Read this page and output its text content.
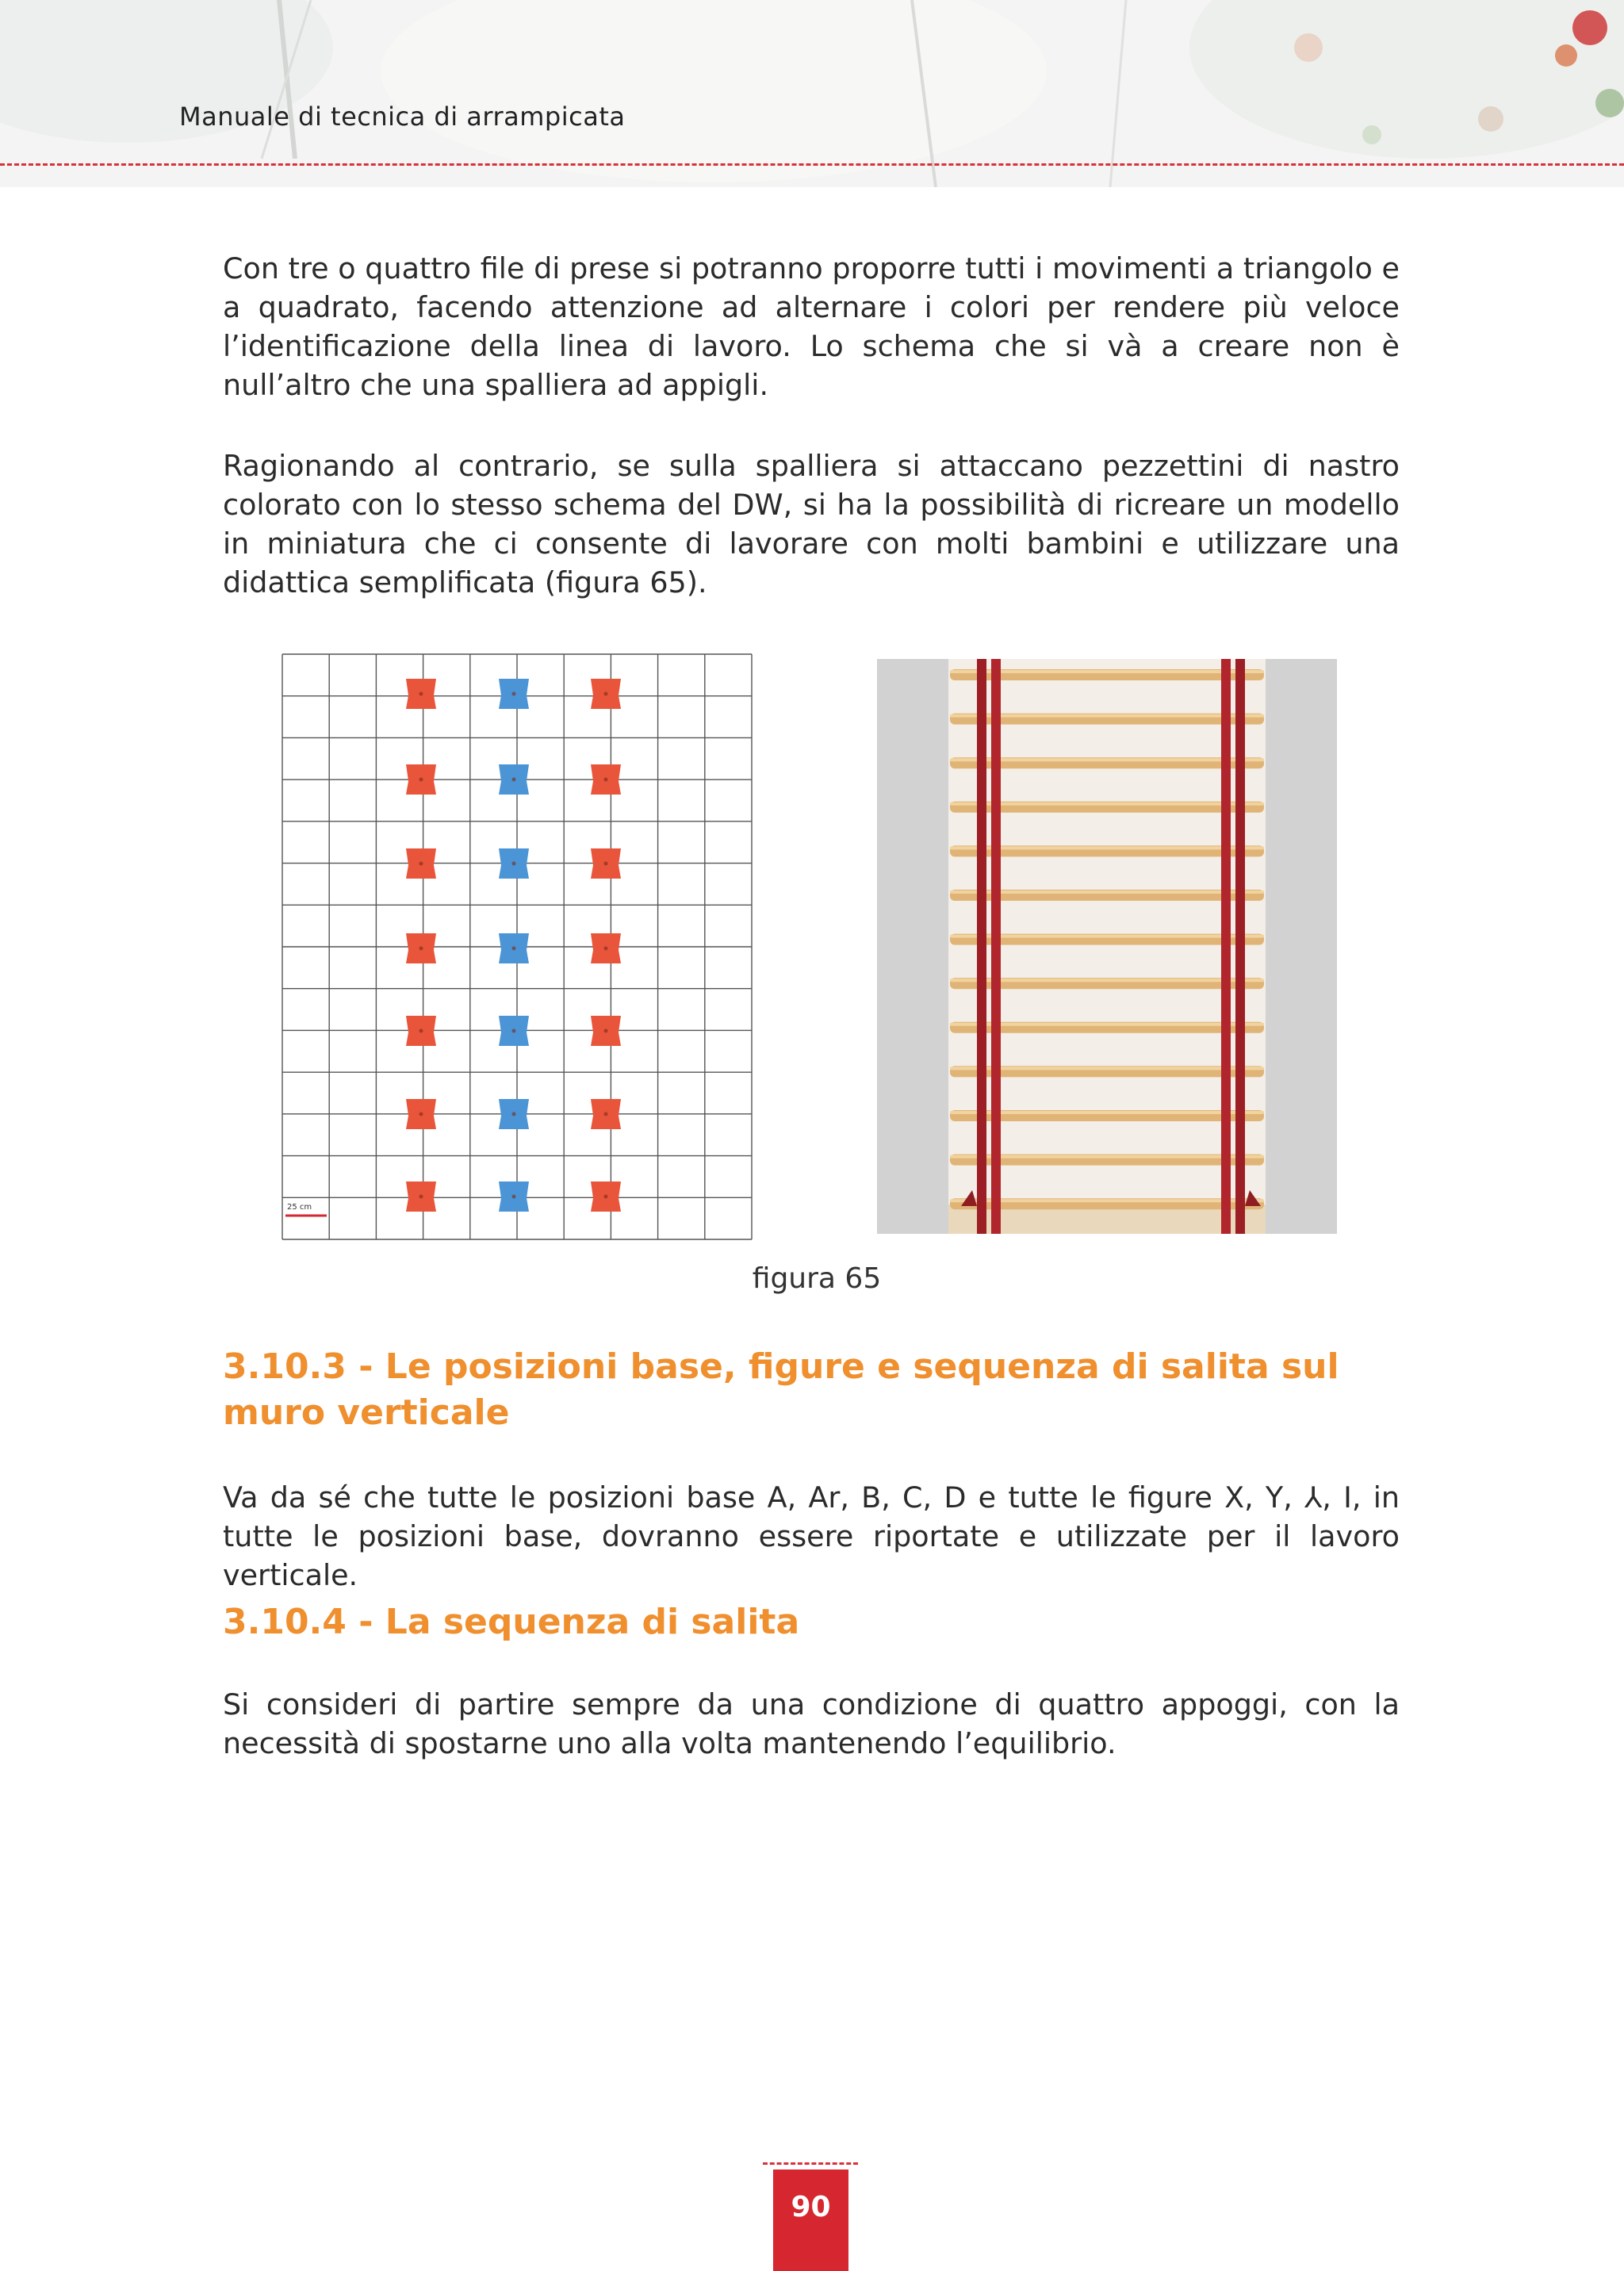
Manuale di tecnica di arrampicata

Con tre o quattro file di prese si potranno proporre tutti i movimenti a triangolo e a quadrato, facendo attenzione ad alternare i colori per rendere più veloce l’identificazione della linea di lavoro. Lo schema che si và a creare non è null’altro che una spalliera ad appigli.

Ragionando al contrario, se sulla spalliera si attaccano pezzettini di nastro colorato con lo stesso schema del DW, si ha la possibilità di ricreare un modello in miniatura che ci consente di lavorare con molti bambini e utilizzare una didattica semplificata (figura 65).

25 cm
figura 65
3.10.3 - Le posizioni base, figure e sequenza di salita sul muro verticale

Va da sé che tutte le posizioni base A, Ar, B, C, D e tutte le figure X, Y, ⅄, I, in tutte le posizioni base, dovranno essere riportate e utilizzate per il lavoro verticale.

3.10.4 - La sequenza di salita

Si consideri di partire sempre da una condizione di quattro appoggi, con la necessità di spostarne uno alla volta mantenendo l’equilibrio.

90
